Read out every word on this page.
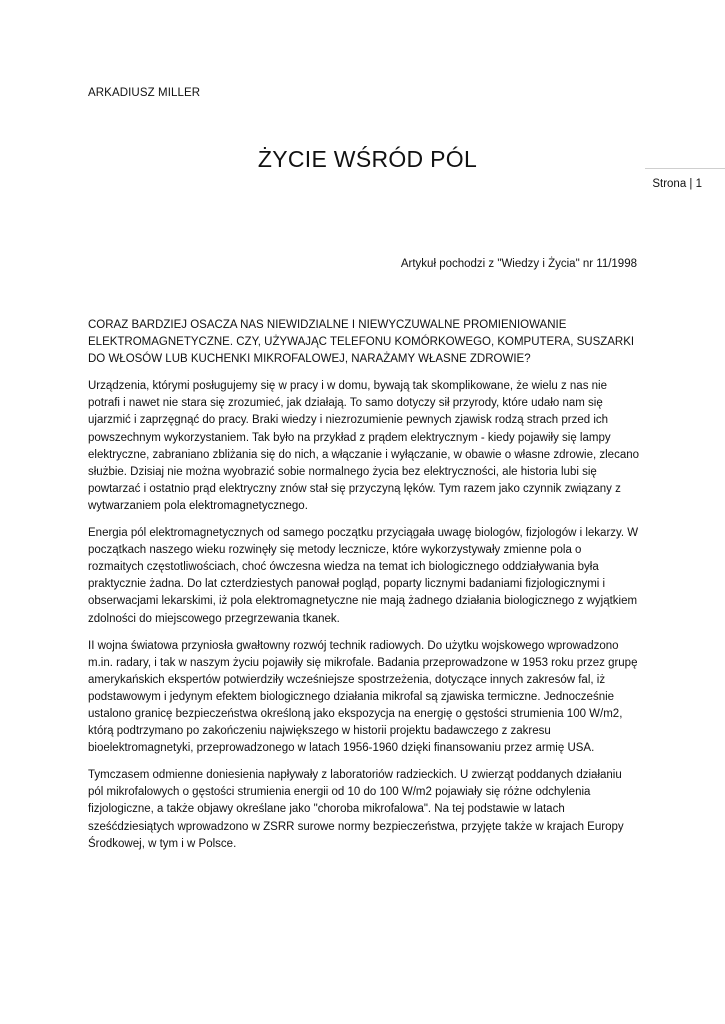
ARKADIUSZ MILLER
ŻYCIE WŚRÓD PÓL
Strona | 1
Artykuł pochodzi z "Wiedzy i Życia" nr 11/1998

CORAZ BARDZIEJ OSACZA NAS NIEWIDZIALNE I NIEWYCZUWALNE PROMIENIOWANIE ELEKTROMAGNETYCZNE. CZY, UŻYWAJĄC TELEFONU KOMÓRKOWEGO, KOMPUTERA, SUSZARKI DO WŁOSÓW LUB KUCHENKI MIKROFALOWEJ, NARAŻAMY WŁASNE ZDROWIE?

Urządzenia, którymi posługujemy się w pracy i w domu, bywają tak skomplikowane, że wielu z nas nie potrafi i nawet nie stara się zrozumieć, jak działają. To samo dotyczy sił przyrody, które udało nam się ujarzmić i zaprzęgnąć do pracy. Braki wiedzy i niezrozumienie pewnych zjawisk rodzą strach przed ich powszechnym wykorzystaniem. Tak było na przykład z prądem elektrycznym - kiedy pojawiły się lampy elektryczne, zabraniano zbliżania się do nich, a włączanie i wyłączanie, w obawie o własne zdrowie, zlecano służbie. Dzisiaj nie można wyobrazić sobie normalnego życia bez elektryczności, ale historia lubi się powtarzać i ostatnio prąd elektryczny znów stał się przyczyną lęków. Tym razem jako czynnik związany z wytwarzaniem pola elektromagnetycznego.

Energia pól elektromagnetycznych od samego początku przyciągała uwagę biologów, fizjologów i lekarzy. W początkach naszego wieku rozwinęły się metody lecznicze, które wykorzystywały zmienne pola o rozmaitych częstotliwościach, choć ówczesna wiedza na temat ich biologicznego oddziaływania była praktycznie żadna. Do lat czterdziestych panował pogląd, poparty licznymi badaniami fizjologicznymi i obserwacjami lekarskimi, iż pola elektromagnetyczne nie mają żadnego działania biologicznego z wyjątkiem zdolności do miejscowego przegrzewania tkanek.

II wojna światowa przyniosła gwałtowny rozwój technik radiowych. Do użytku wojskowego wprowadzono m.in. radary, i tak w naszym życiu pojawiły się mikrofale. Badania przeprowadzone w 1953 roku przez grupę amerykańskich ekspertów potwierdziły wcześniejsze spostrzeżenia, dotyczące innych zakresów fal, iż podstawowym i jedynym efektem biologicznego działania mikrofal są zjawiska termiczne. Jednocześnie ustalono granicę bezpieczeństwa określoną jako ekspozycja na energię o gęstości strumienia 100 W/m2, którą podtrzymano po zakończeniu największego w historii projektu badawczego z zakresu bioelektromagnetyki, przeprowadzonego w latach 1956-1960 dzięki finansowaniu przez armię USA.

Tymczasem odmienne doniesienia napływały z laboratoriów radzieckich. U zwierząt poddanych działaniu pól mikrofalowych o gęstości strumienia energii od 10 do 100 W/m2 pojawiały się różne odchylenia fizjologiczne, a także objawy określane jako "choroba mikrofalowa". Na tej podstawie w latach sześćdziesiątych wprowadzono w ZSRR surowe normy bezpieczeństwa, przyjęte także w krajach Europy Środkowej, w tym i w Polsce.
